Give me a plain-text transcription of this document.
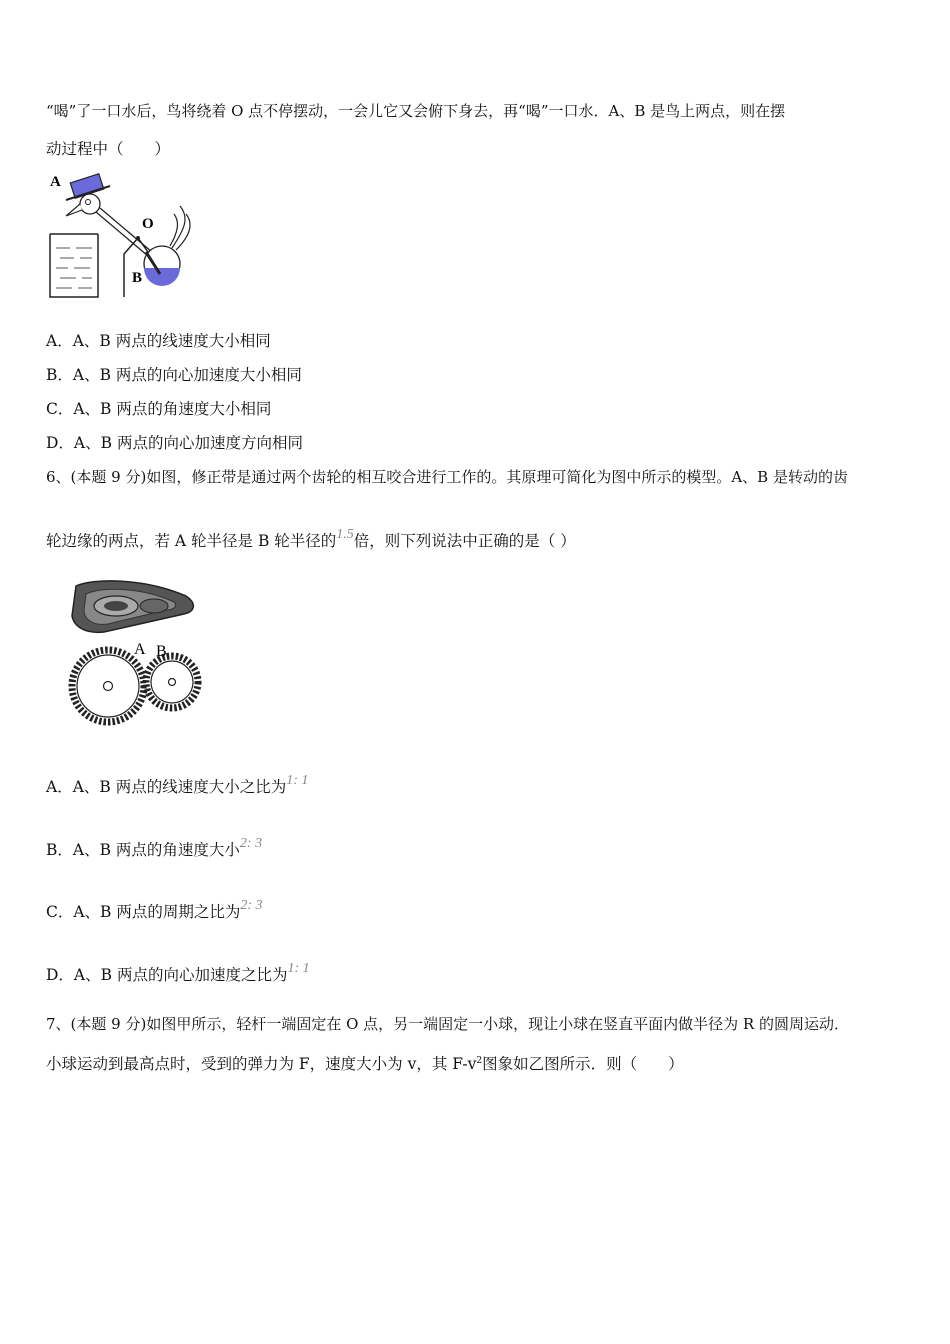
“喝”了一口水后，鸟将绕着 O 点不停摆动，一会儿它又会俯下身去，再“喝”一口水．A、B 是鸟上两点，则在摆
动过程中（　　）
A
O
B
A．A、B 两点的线速度大小相同
B．A、B 两点的向心加速度大小相同
C．A、B 两点的角速度大小相同
D．A、B 两点的向心加速度方向相同
6、(本题 9 分)如图，修正带是通过两个齿轮的相互咬合进行工作的。其原理可简化为图中所示的模型。A、B 是转动的齿
轮边缘的两点，若 A 轮半径是 B 轮半径的1.5倍，则下列说法中正确的是（ ）
A B
A．A、B 两点的线速度大小之比为1: 1
B．A、B 两点的角速度大小2: 3
C．A、B 两点的周期之比为2: 3
D．A、B 两点的向心加速度之比为1: 1
7、(本题 9 分)如图甲所示，轻杆一端固定在 O 点，另一端固定一小球，现让小球在竖直平面内做半径为 R 的圆周运动．
小球运动到最高点时，受到的弹力为 F，速度大小为 v，其 $F-v^2$图象如乙图所示．则（　　）
